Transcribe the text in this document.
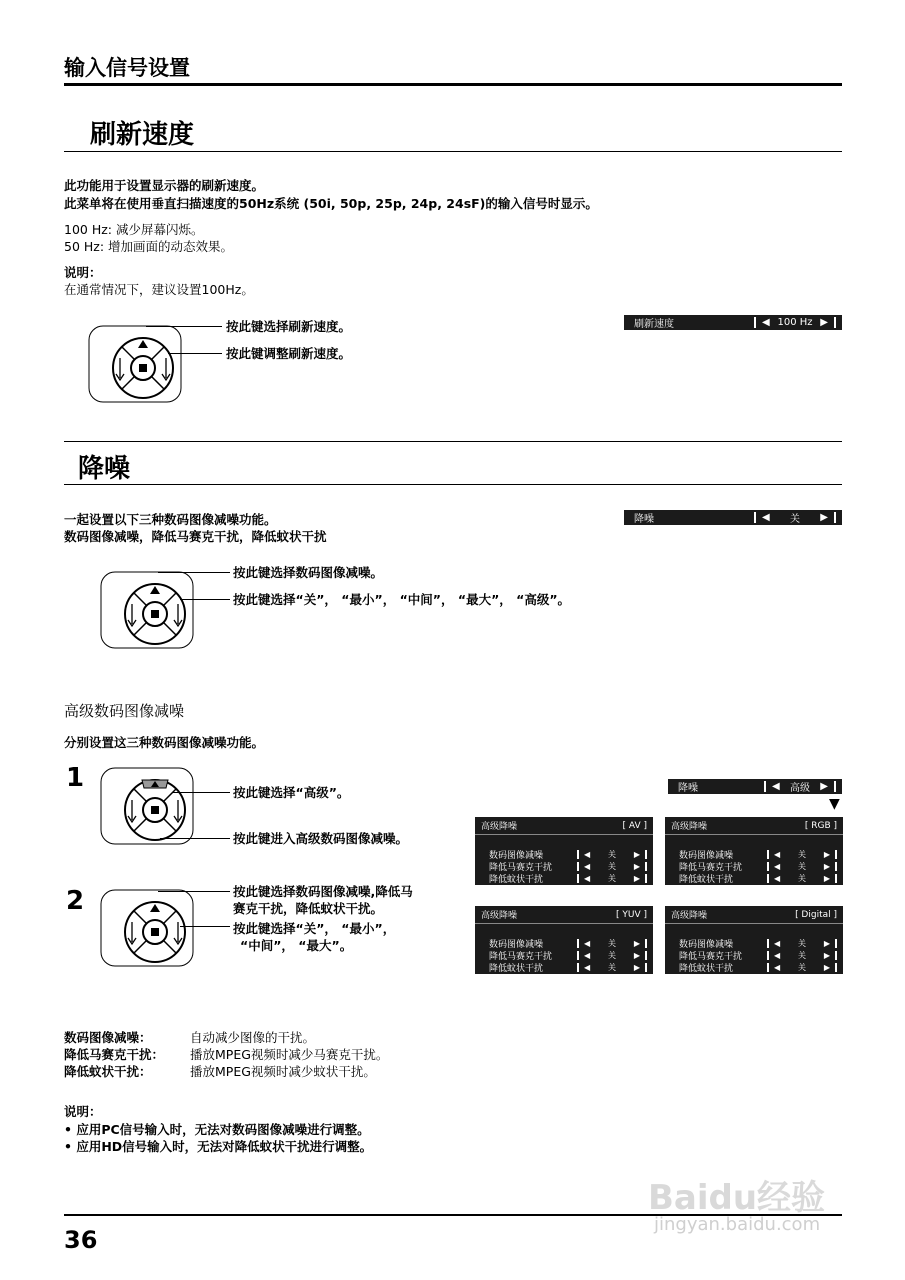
输入信号设置
刷新速度
此功能用于设置显示器的刷新速度。
此菜单将在使用垂直扫描速度的50Hz系统 (50i, 50p, 25p, 24p, 24sF)的输入信号时显示。
100 Hz: 减少屏幕闪烁。
50 Hz: 增加画面的动态效果。
说明：
在通常情况下，建议设置100Hz。
按此键选择刷新速度。
按此键调整刷新速度。
刷新速度	◀ 100 Hz ▶
降噪
一起设置以下三种数码图像减噪功能。
数码图像减噪，降低马赛克干扰，降低蚊状干扰
降噪	◀ 关 ▶
按此键选择数码图像减噪。
按此键选择“关”， “最小”， “中间”， “最大”， “高级”。
高级数码图像减噪
分别设置这三种数码图像减噪功能。
1	按此键选择“高级”。
按此键进入高级数码图像减噪。
2	按此键选择数码图像减噪,降低马
赛克干扰，降低蚊状干扰。
按此键选择“关”， “最小”，
“中间”， “最大”。
降噪	◀ 高级 ▶
▼
高级降噪	[ AV ]
数码图像减噪	◀ 关 ▶
降低马赛克干扰	◀ 关 ▶
降低蚊状干扰	◀ 关 ▶
高级降噪	[ RGB ]
数码图像减噪	◀ 关 ▶
降低马赛克干扰	◀ 关 ▶
降低蚊状干扰	◀ 关 ▶
高级降噪	[ YUV ]
数码图像减噪	◀ 关 ▶
降低马赛克干扰	◀ 关 ▶
降低蚊状干扰	◀ 关 ▶
高级降噪	[ Digital ]
数码图像减噪	◀ 关 ▶
降低马赛克干扰	◀ 关 ▶
降低蚊状干扰	◀ 关 ▶
数码图像减噪：	自动减少图像的干扰。
降低马赛克干扰： 播放MPEG视频时减少马赛克干扰。
降低蚊状干扰：	播放MPEG视频时减少蚊状干扰。
说明：
• 应用PC信号输入时，无法对数码图像减噪进行调整。
• 应用HD信号输入时，无法对降低蚊状干扰进行调整。
36
Baidu经验
jingyan.baidu.com
